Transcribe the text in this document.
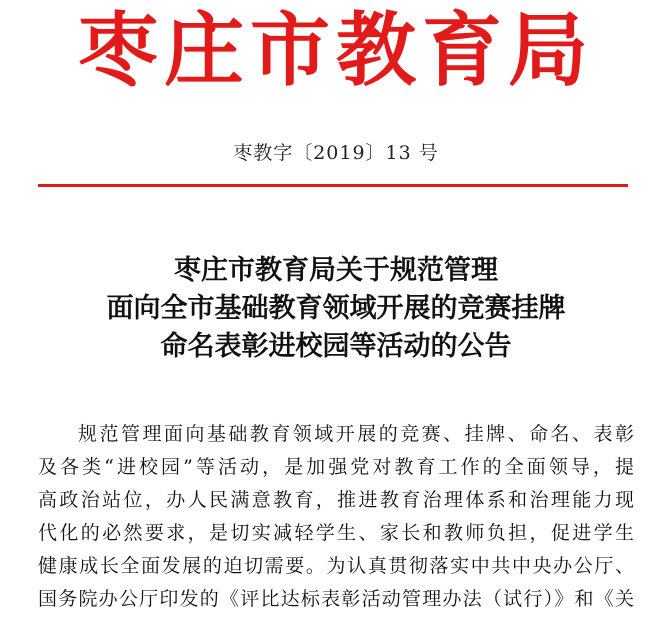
枣庄市教育局
枣教字〔2019〕13 号
枣庄市教育局关于规范管理
面向全市基础教育领域开展的竞赛挂牌
命名表彰进校园等活动的公告
规范管理面向基础教育领域开展的竞赛、挂牌、命名、表彰
及各类“进校园”等活动，是加强党对教育工作的全面领导，提
高政治站位，办人民满意教育，推进教育治理体系和治理能力现
代化的必然要求，是切实减轻学生、家长和教师负担，促进学生
健康成长全面发展的迫切需要。为认真贯彻落实中共中央办公厅、
国务院办公厅印发的《评比达标表彰活动管理办法（试行）》和《关
